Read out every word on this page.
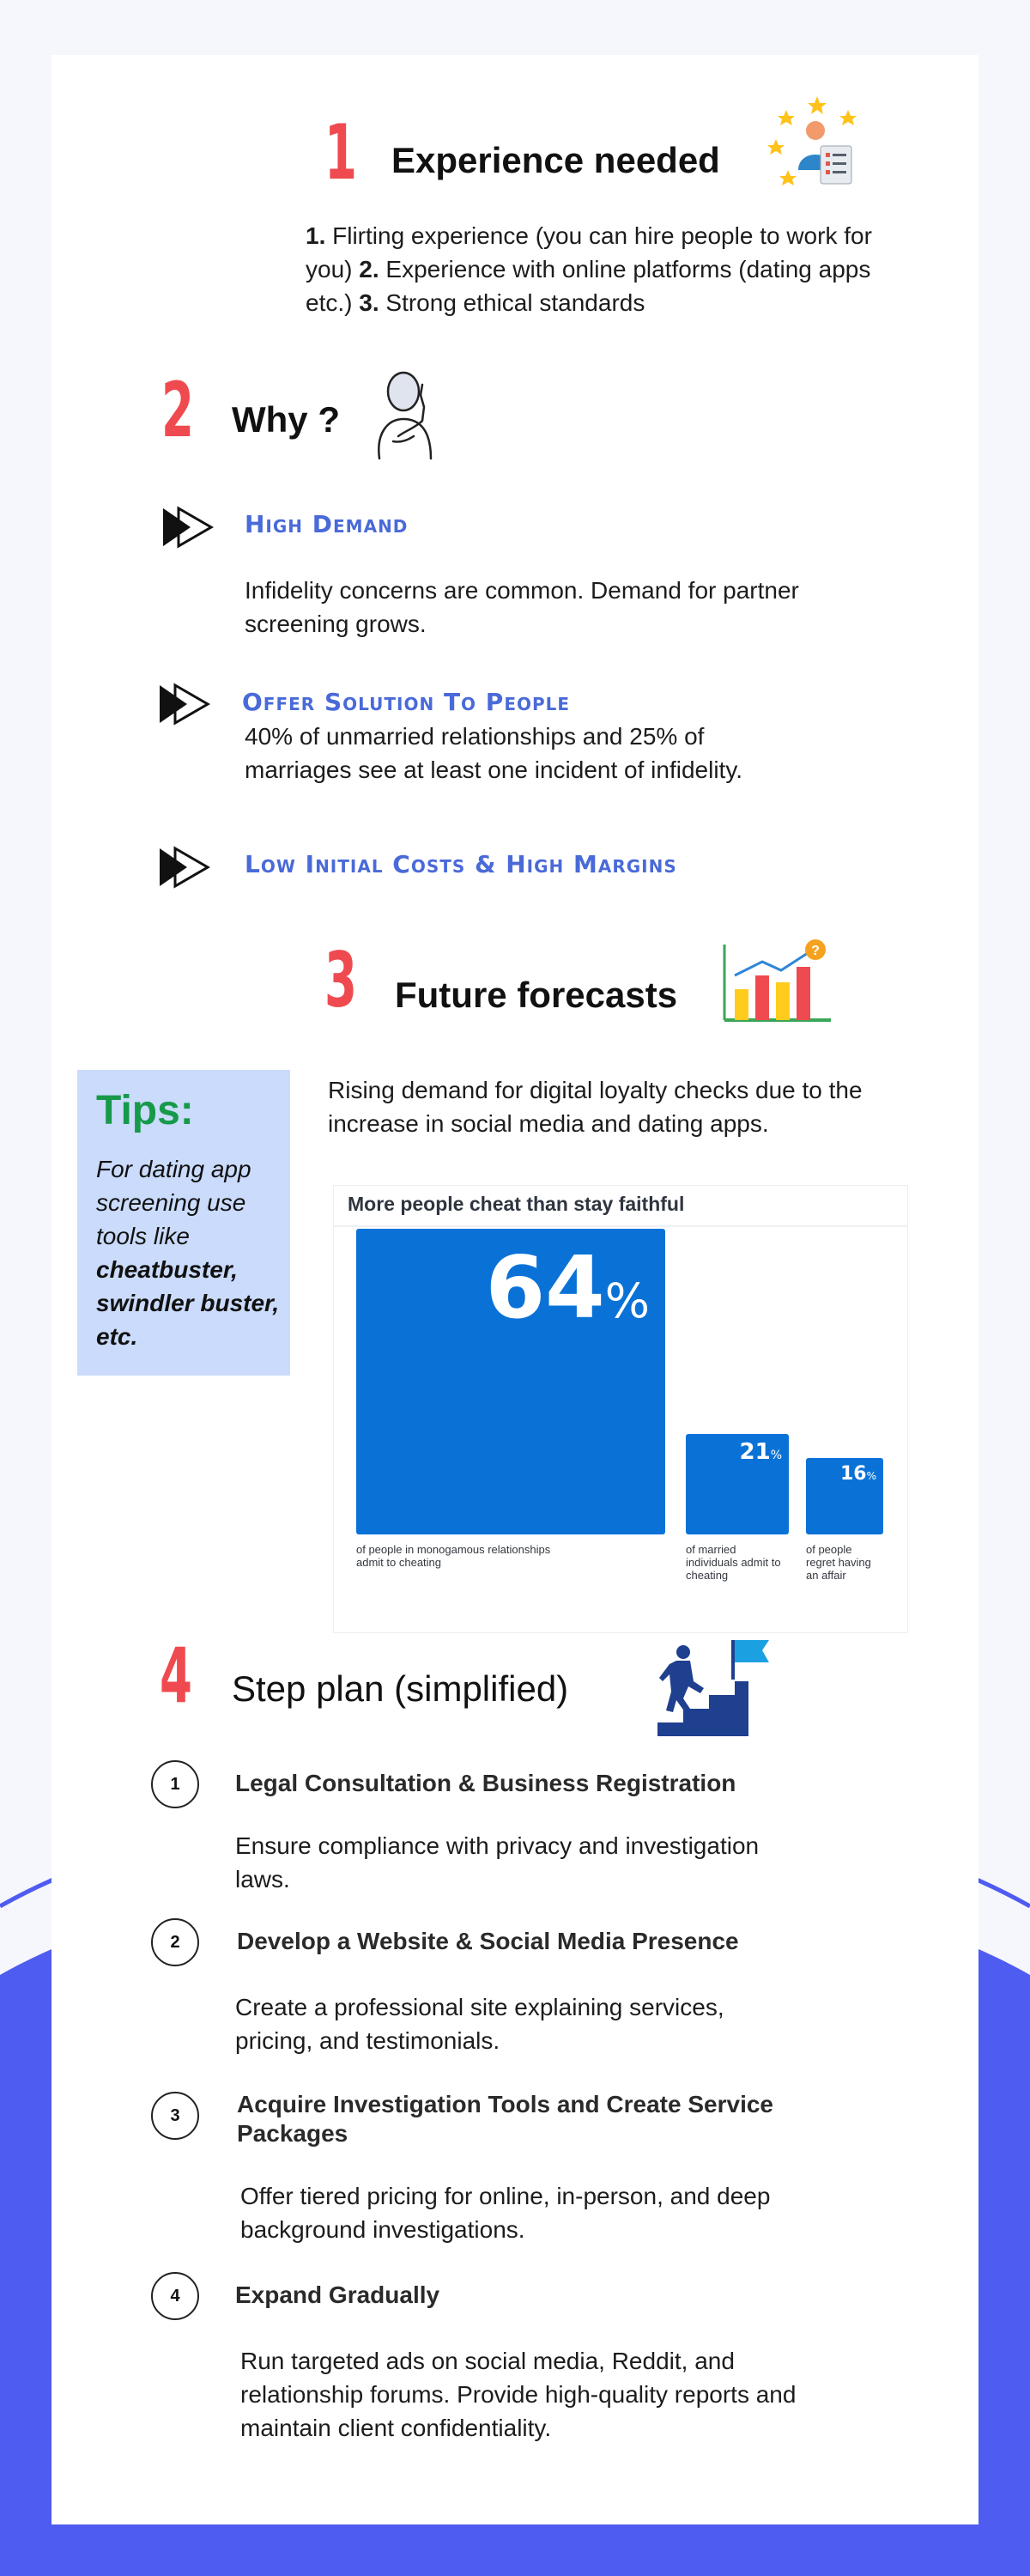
1 Experience needed
1. Flirting experience (you can hire people to work for you) 2. Experience with online platforms (dating apps etc.) 3. Strong ethical standards
2 Why ?
High Demand
Infidelity concerns are common. Demand for partner screening grows.
Offer Solution To People
40% of unmarried relationships and 25% of marriages see at least one incident of infidelity.
Low Initial Costs & High Margins
3 Future forecasts
?
Rising demand for digital loyalty checks due to the increase in social media and dating apps.
Tips:
For dating app screening use tools like cheatbuster, swindler buster, etc.
More people cheat than stay faithful
64%
of people in monogamous relationships admit to cheating
21%
of married individuals admit to cheating
16%
of people regret having an affair
4 Step plan (simplified)
1	Legal Consultation & Business Registration
Ensure compliance with privacy and investigation laws.
2	Develop a Website & Social Media Presence
Create a professional site explaining services, pricing, and testimonials.
3	Acquire Investigation Tools and Create Service Packages
Offer tiered pricing for online, in-person, and deep background investigations.
4	Expand Gradually
Run targeted ads on social media, Reddit, and relationship forums. Provide high-quality reports and maintain client confidentiality.
